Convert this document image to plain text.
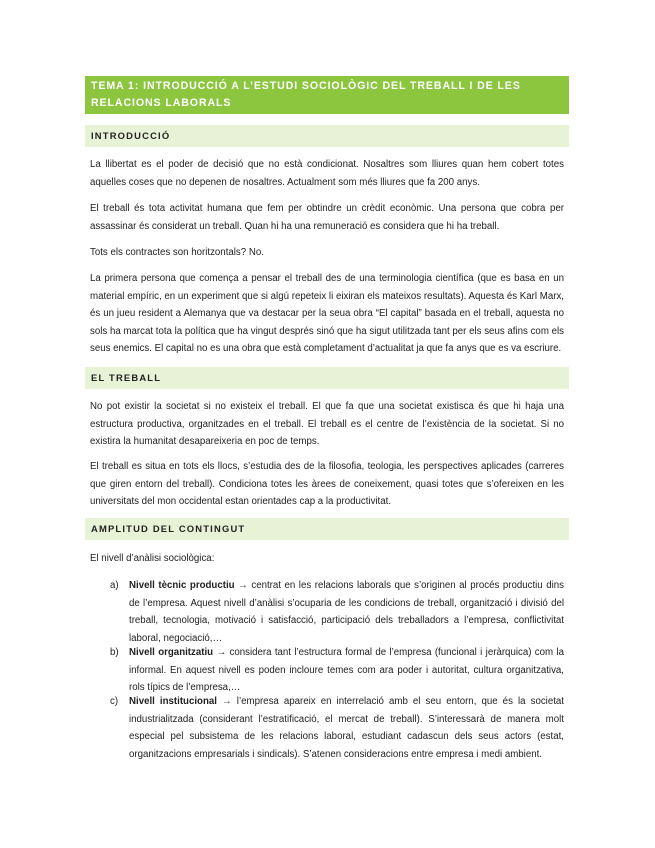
TEMA 1: INTRODUCCIÓ A L’ESTUDI SOCIOLÒGIC DEL TREBALL I DE LES RELACIONS LABORALS
INTRODUCCIÓ

La llibertat es el poder de decisió que no està condicionat. Nosaltres som lliures quan hem cobert totes aquelles coses que no depenen de nosaltres. Actualment som més lliures que fa 200 anys.

El treball és tota activitat humana que fem per obtindre un crèdit econòmic. Una persona que cobra per assassinar és considerat un treball. Quan hi ha una remuneració es considera que hi ha treball.

Tots els contractes son horitzontals? No.

La primera persona que comença a pensar el treball des de una terminologia científica (que es basa en un material empíric, en un experiment que si algú repeteix li eixiran els mateixos resultats). Aquesta és Karl Marx, és un jueu resident a Alemanya que va destacar per la seua obra “El capital” basada en el treball, aquesta no sols ha marcat tota la política que ha vingut després sinó que ha sigut utilitzada tant per els seus afins com els seus enemics. El capital no es una obra que està completament d’actualitat ja que fa anys que es va escriure.

EL TREBALL

No pot existir la societat si no existeix el treball. El que fa que una societat existisca és que hi haja una estructura productiva, organitzades en el treball. El treball es el centre de l’existència de la societat. Si no existira la humanitat desapareixeria en poc de temps.

El treball es situa en tots els llocs, s’estudia des de la filosofia, teologia, les perspectives aplicades (carreres que giren entorn del treball). Condiciona totes les àrees de coneixement, quasi totes que s’ofereixen en les universitats del mon occidental estan orientades cap a la productivitat.

AMPLITUD DEL CONTINGUT

El nivell d’anàlisi sociològica:

a)	Nivell tècnic productiu → centrat en les relacions laborals que s’originen al procés productiu dins de l’empresa. Aquest nivell d’anàlisi s’ocuparia de les condicions de treball, organització i divisió del treball, tecnologia, motivació i satisfacció, participació dels treballadors a l’empresa, conflictivitat laboral, negociació,…
b)	Nivell organitzatiu → considera tant l’estructura formal de l’empresa (funcional i jeràrquica) com la informal. En aquest nivell es poden incloure temes com ara poder i autoritat, cultura organitzativa, rols típics de l’empresa,…
c)	Nivell institucional → l’empresa apareix en interrelació amb el seu entorn, que és la societat industrialitzada (considerant l’estratificació, el mercat de treball). S’interessarà de manera molt especial pel subsistema de les relacions laboral, estudiant cadascun dels seus actors (estat, organitzacions empresarials i sindicals). S’atenen consideracions entre empresa i medi ambient.
